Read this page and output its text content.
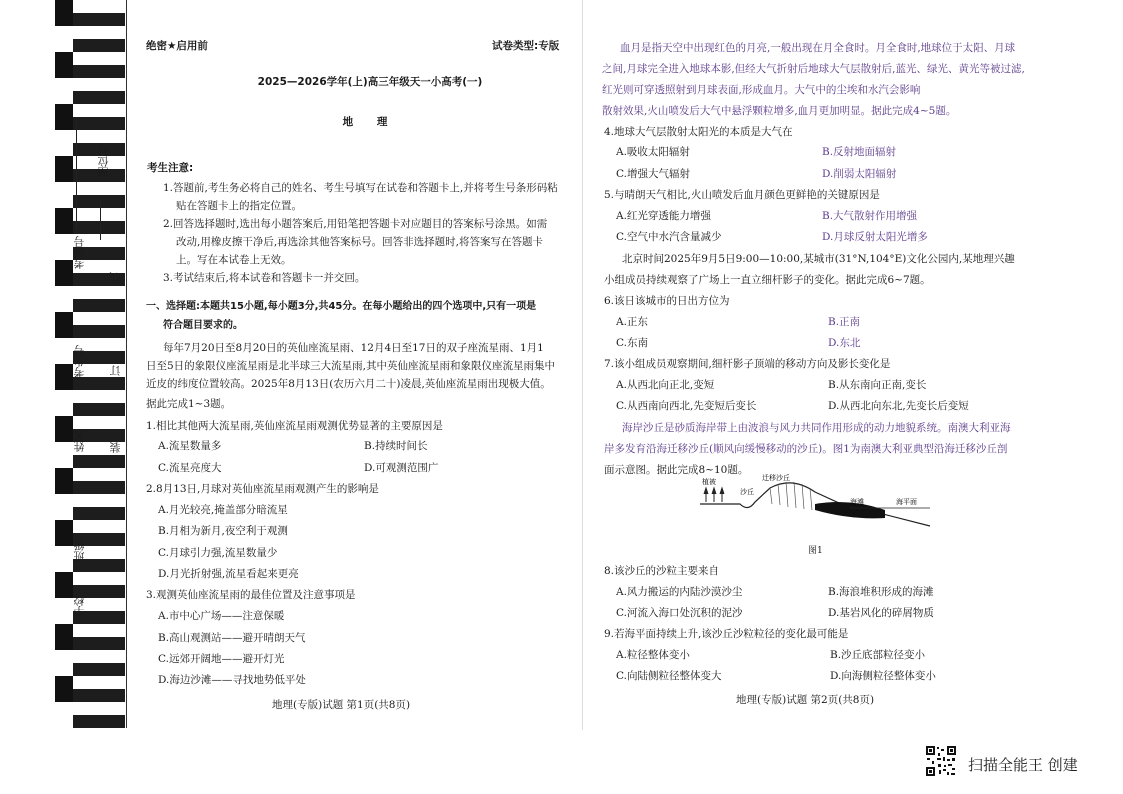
座位号
考场号
考生号
姓名
班级
学校
线
订
装
绝密★启用前	试卷类型:专版
2025—2026学年(上)高三年级天一小高考(一)
地 理
考生注意:
1.答题前,考生务必将自己的姓名、考生号填写在试卷和答题卡上,并将考生号条形码粘
贴在答题卡上的指定位置。
2.回答选择题时,选出每小题答案后,用铅笔把答题卡对应题目的答案标号涂黑。如需
改动,用橡皮擦干净后,再选涂其他答案标号。回答非选择题时,将答案写在答题卡
上。写在本试卷上无效。
3.考试结束后,将本试卷和答题卡一并交回。
一、选择题:本题共15小题,每小题3分,共45分。在每小题给出的四个选项中,只有一项是
符合题目要求的。
每年7月20日至8月20日的英仙座流星雨、12月4日至17日的双子座流星雨、1月1
日至5日的象限仪座流星雨是北半球三大流星雨,其中英仙座流星雨和象限仪座流星雨集中
近皮的纬度位置较高。2025年8月13日(农历六月二十)凌晨,英仙座流星雨出现极大值。
据此完成1~3题。
1.相比其他两大流星雨,英仙座流星雨观测优势显著的主要原因是
A.流星数量多	B.持续时间长
C.流星亮度大	D.可观测范围广
2.8月13日,月球对英仙座流星雨观测产生的影响是
A.月光较亮,掩盖部分暗流星
B.月相为新月,夜空利于观测
C.月球引力强,流星数量少
D.月光折射强,流星看起来更亮
3.观测英仙座流星雨的最佳位置及注意事项是
A.市中心广场——注意保暖
B.高山观测站——避开晴朗天气
C.远郊开阔地——避开灯光
D.海边沙滩——寻找地势低平处
地理(专版)试题 第1页(共8页)
血月是指天空中出现红色的月亮,一般出现在月全食时。月全食时,地球位于太阳、月球
之间,月球完全进入地球本影,但经大气折射后地球大气层散射后,蓝光、绿光、黄光等被过滤,
红光则可穿透照射到月球表面,形成血月。大气中的尘埃和水汽会影响
散射效果,火山喷发后大气中悬浮颗粒增多,血月更加明显。据此完成4~5题。
4.地球大气层散射太阳光的本质是大气在
A.吸收太阳辐射	B.反射地面辐射
C.增强大气辐射	D.削弱太阳辐射
5.与晴朗天气相比,火山喷发后血月颜色更鲜艳的关键原因是
A.红光穿透能力增强	B.大气散射作用增强
C.空气中水汽含量减少	D.月球反射太阳光增多
北京时间2025年9月5日9:00—10:00,某城市(31°N,104°E)文化公园内,某地理兴趣
小组成员持续观察了广场上一直立细杆影子的变化。据此完成6~7题。
6.该日该城市的日出方位为
A.正东	B.正南
C.东南	D.东北
7.该小组成员观察期间,细杆影子顶端的移动方向及影长变化是
A.从西北向正北,变短	B.从东南向正南,变长
C.从西南向西北,先变短后变长	D.从西北向东北,先变长后变短
海岸沙丘是砂质海岸带上由波浪与风力共同作用形成的动力地貌系统。南澳大利亚海
岸多发育沿海迁移沙丘(顺风向缓慢移动的沙丘)。图1为南澳大利亚典型沿海迁移沙丘剖
面示意图。据此完成8~10题。
植被
沙丘
迁移沙丘
海滩	海平面
图1
8.该沙丘的沙粒主要来自
A.风力搬运的内陆沙漠沙尘	B.海浪堆积形成的海滩
C.河流入海口处沉积的泥沙	D.基岩风化的碎屑物质
9.若海平面持续上升,该沙丘沙粒粒径的变化最可能是
A.粒径整体变小	B.沙丘底部粒径变小
C.向陆侧粒径整体变大	D.向海侧粒径整体变小
地理(专版)试题 第2页(共8页)
扫描全能王 创建
